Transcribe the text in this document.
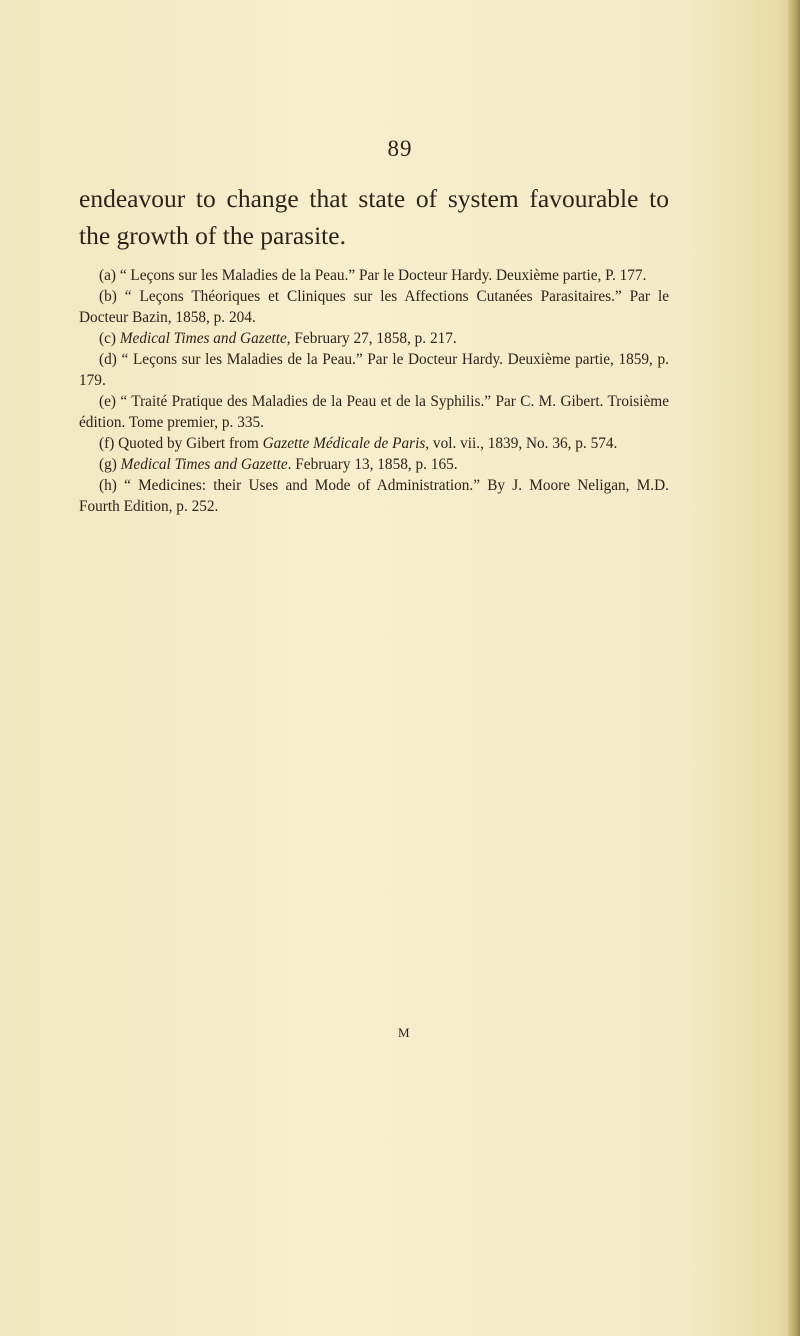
89
endeavour to change that state of system favourable to the growth of the parasite.

(a) “ Leçons sur les Maladies de la Peau.” Par le Docteur Hardy. Deuxième partie, P. 177.

(b) “ Leçons Théoriques et Cliniques sur les Affections Cutanées Parasitaires.” Par le Docteur Bazin, 1858, p. 204.

(c) Medical Times and Gazette, February 27, 1858, p. 217.

(d) “ Leçons sur les Maladies de la Peau.” Par le Docteur Hardy. Deuxième partie, 1859, p. 179.

(e) “ Traité Pratique des Maladies de la Peau et de la Syphilis.” Par C. M. Gibert. Troisième édition. Tome premier, p. 335.

(f) Quoted by Gibert from Gazette Médicale de Paris, vol. vii., 1839, No. 36, p. 574.

(g) Medical Times and Gazette. February 13, 1858, p. 165.

(h) “ Medicines: their Uses and Mode of Administration.” By J. Moore Neligan, M.D. Fourth Edition, p. 252.

M
